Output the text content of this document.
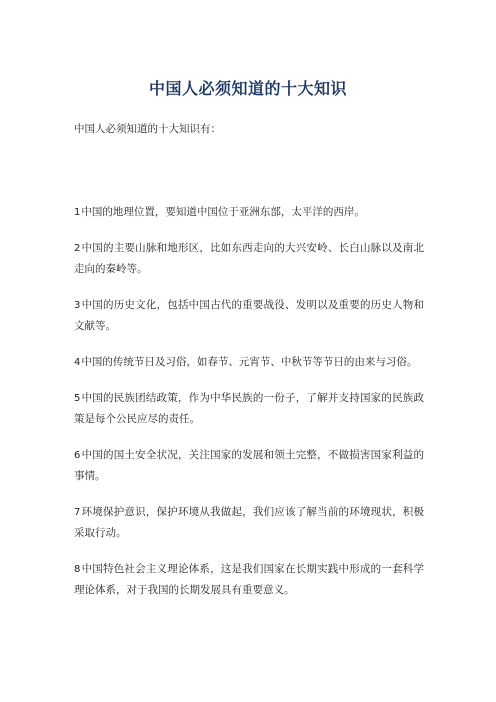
中国人必须知道的十大知识
中国人必须知道的十大知识有：
1中国的地理位置，要知道中国位于亚洲东部，太平洋的西岸。
2中国的主要山脉和地形区，比如东西走向的大兴安岭、长白山脉以及南北走向的秦岭等。
3中国的历史文化，包括中国古代的重要战役、发明以及重要的历史人物和文献等。
4中国的传统节日及习俗，如春节、元宵节、中秋节等节日的由来与习俗。
5中国的民族团结政策，作为中华民族的一份子，了解并支持国家的民族政策是每个公民应尽的责任。
6中国的国土安全状况，关注国家的发展和领土完整，不做损害国家利益的事情。
7环境保护意识，保护环境从我做起，我们应该了解当前的环境现状，积极采取行动。
8中国特色社会主义理论体系，这是我们国家在长期实践中形成的一套科学理论体系，对于我国的长期发展具有重要意义。
